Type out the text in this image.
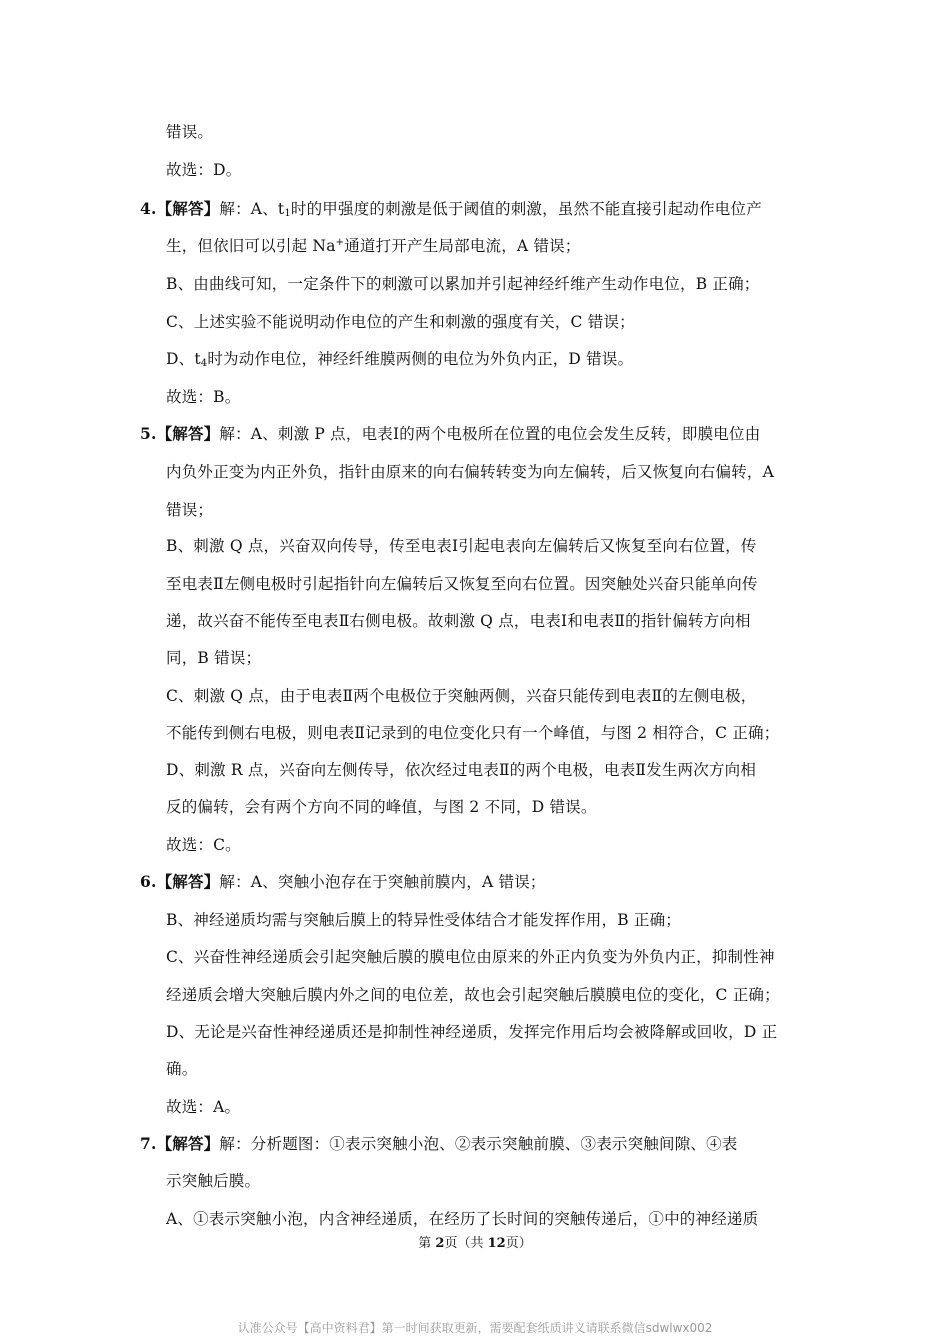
错误。
故选：D。
4.【解答】解：A、$t_1$时的甲强度的刺激是低于阈值的刺激，虽然不能直接引起动作电位产
生，但依旧可以引起 Na+通道打开产生局部电流，A 错误；
B、由曲线可知，一定条件下的刺激可以累加并引起神经纤维产生动作电位，B 正确；
C、上述实验不能说明动作电位的产生和刺激的强度有关，C 错误；
D、$t_4$时为动作电位，神经纤维膜两侧的电位为外负内正，D 错误。
故选：B。
5.【解答】解：A、刺激 P 点，电表Ⅰ的两个电极所在位置的电位会发生反转，即膜电位由
内负外正变为内正外负，指针由原来的向右偏转转变为向左偏转，后又恢复向右偏转，A
错误；
B、刺激 Q 点，兴奋双向传导，传至电表Ⅰ引起电表向左偏转后又恢复至向右位置，传
至电表Ⅱ左侧电极时引起指针向左偏转后又恢复至向右位置。因突触处兴奋只能单向传
递，故兴奋不能传至电表Ⅱ右侧电极。故刺激 Q 点，电表Ⅰ和电表Ⅱ的指针偏转方向相
同，B 错误；
C、刺激 Q 点，由于电表Ⅱ两个电极位于突触两侧，兴奋只能传到电表Ⅱ的左侧电极，
不能传到侧右电极，则电表Ⅱ记录到的电位变化只有一个峰值，与图 2 相符合，C 正确；
D、刺激 R 点，兴奋向左侧传导，依次经过电表Ⅱ的两个电极，电表Ⅱ发生两次方向相
反的偏转，会有两个方向不同的峰值，与图 2 不同，D 错误。
故选：C。
6.【解答】解：A、突触小泡存在于突触前膜内，A 错误；
B、神经递质均需与突触后膜上的特异性受体结合才能发挥作用，B 正确；
C、兴奋性神经递质会引起突触后膜的膜电位由原来的外正内负变为外负内正，抑制性神
经递质会增大突触后膜内外之间的电位差，故也会引起突触后膜膜电位的变化，C 正确；
D、无论是兴奋性神经递质还是抑制性神经递质，发挥完作用后均会被降解或回收，D 正
确。
故选：A。
7.【解答】解：分析题图：①表示突触小泡、②表示突触前膜、③表示突触间隙、④表
示突触后膜。
A、①表示突触小泡，内含神经递质，在经历了长时间的突触传递后，①中的神经递质
第 2页（共 12页）
认准公众号【高中资料君】第一时间获取更新，需要配套纸质讲义请联系微信sdwlwx002
